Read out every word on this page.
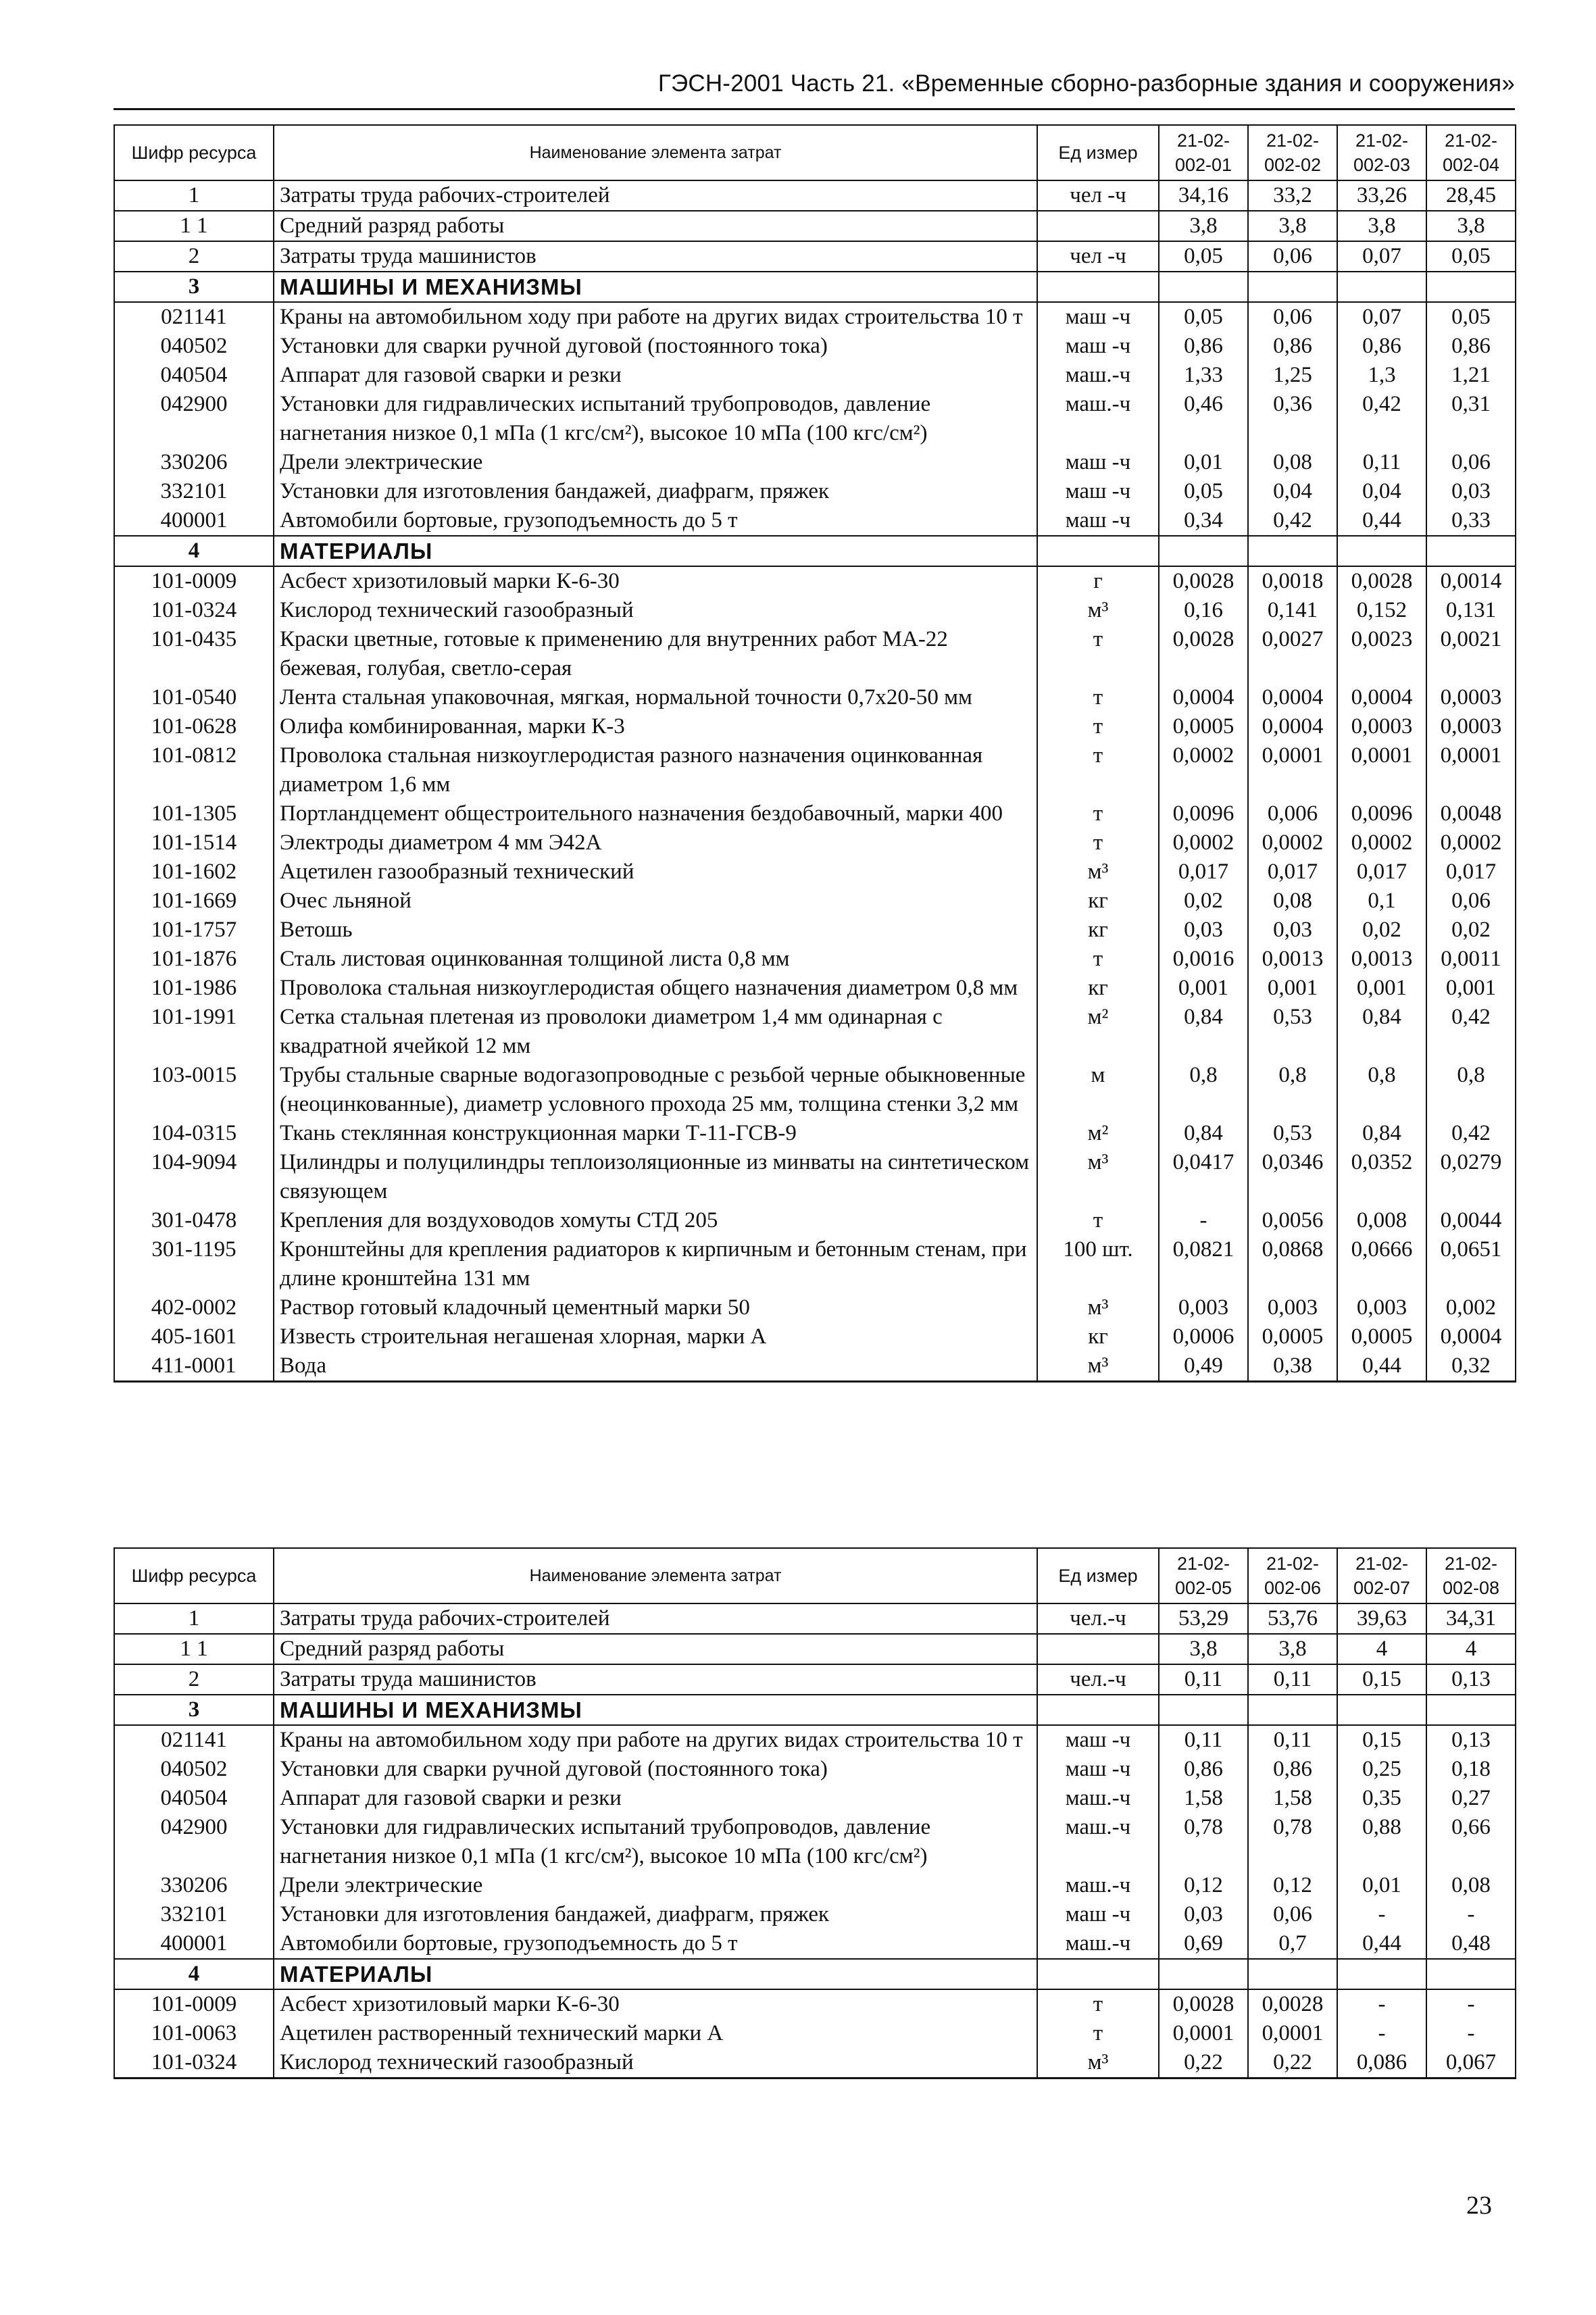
ГЭСН-2001 Часть 21. «Временные сборно-разборные здания и сооружения»
Шифр ресурса	Наименование элемента затрат	Ед измер	21-02-002-01	21-02-002-02	21-02-002-03	21-02-002-04
1	Затраты труда рабочих-строителей	чел -ч	34,16	33,2	33,26	28,45
1 1	Средний разряд работы		3,8	3,8	3,8	3,8
2	Затраты труда машинистов	чел -ч	0,05	0,06	0,07	0,05
3	МАШИНЫ И МЕХАНИЗМЫ					
021141	Краны на автомобильном ходу при работе на других видах строительства 10 т	маш -ч	0,05	0,06	0,07	0,05
040502	Установки для сварки ручной дуговой (постоянного тока)	маш -ч	0,86	0,86	0,86	0,86
040504	Аппарат для газовой сварки и резки	маш.-ч	1,33	1,25	1,3	1,21
042900	Установки для гидравлических испытаний трубопроводов, давление нагнетания низкое 0,1 мПа (1 кгс/см²), высокое 10 мПа (100 кгс/см²)	маш.-ч	0,46	0,36	0,42	0,31
330206	Дрели электрические	маш -ч	0,01	0,08	0,11	0,06
332101	Установки для изготовления бандажей, диафрагм, пряжек	маш -ч	0,05	0,04	0,04	0,03
400001	Автомобили бортовые, грузоподъемность до 5 т	маш -ч	0,34	0,42	0,44	0,33
4	МАТЕРИАЛЫ					
101-0009	Асбест хризотиловый марки К-6-30	г	0,0028	0,0018	0,0028	0,0014
101-0324	Кислород технический газообразный	м³	0,16	0,141	0,152	0,131
101-0435	Краски цветные, готовые к применению для внутренних работ МА-22 бежевая, голубая, светло-серая	т	0,0028	0,0027	0,0023	0,0021
101-0540	Лента стальная упаковочная, мягкая, нормальной точности 0,7х20-50 мм	т	0,0004	0,0004	0,0004	0,0003
101-0628	Олифа комбинированная, марки К-3	т	0,0005	0,0004	0,0003	0,0003
101-0812	Проволока стальная низкоуглеродистая разного назначения оцинкованная диаметром 1,6 мм	т	0,0002	0,0001	0,0001	0,0001
101-1305	Портландцемент общестроительного назначения бездобавочный, марки 400	т	0,0096	0,006	0,0096	0,0048
101-1514	Электроды диаметром 4 мм Э42А	т	0,0002	0,0002	0,0002	0,0002
101-1602	Ацетилен газообразный технический	м³	0,017	0,017	0,017	0,017
101-1669	Очес льняной	кг	0,02	0,08	0,1	0,06
101-1757	Ветошь	кг	0,03	0,03	0,02	0,02
101-1876	Сталь листовая оцинкованная толщиной листа 0,8 мм	т	0,0016	0,0013	0,0013	0,0011
101-1986	Проволока стальная низкоуглеродистая общего назначения диаметром 0,8 мм	кг	0,001	0,001	0,001	0,001
101-1991	Сетка стальная плетеная из проволоки диаметром 1,4 мм одинарная с квадратной ячейкой 12 мм	м²	0,84	0,53	0,84	0,42
103-0015	Трубы стальные сварные водогазопроводные с резьбой черные обыкновенные (неоцинкованные), диаметр условного прохода 25 мм, толщина стенки 3,2 мм	м	0,8	0,8	0,8	0,8
104-0315	Ткань стеклянная конструкционная марки Т-11-ГСВ-9	м²	0,84	0,53	0,84	0,42
104-9094	Цилиндры и полуцилиндры теплоизоляционные из минваты на синтетическом связующем	м³	0,0417	0,0346	0,0352	0,0279
301-0478	Крепления для воздуховодов хомуты СТД 205	т	-	0,0056	0,008	0,0044
301-1195	Кронштейны для крепления радиаторов к кирпичным и бетонным стенам, при длине кронштейна 131 мм	100 шт.	0,0821	0,0868	0,0666	0,0651
402-0002	Раствор готовый кладочный цементный марки 50	м³	0,003	0,003	0,003	0,002
405-1601	Известь строительная негашеная хлорная, марки А	кг	0,0006	0,0005	0,0005	0,0004
411-0001	Вода	м³	0,49	0,38	0,44	0,32
Шифр ресурса	Наименование элемента затрат	Ед измер	21-02-002-05	21-02-002-06	21-02-002-07	21-02-002-08
1	Затраты труда рабочих-строителей	чел.-ч	53,29	53,76	39,63	34,31
1 1	Средний разряд работы		3,8	3,8	4	4
2	Затраты труда машинистов	чел.-ч	0,11	0,11	0,15	0,13
3	МАШИНЫ И МЕХАНИЗМЫ					
021141	Краны на автомобильном ходу при работе на других видах строительства 10 т	маш -ч	0,11	0,11	0,15	0,13
040502	Установки для сварки ручной дуговой (постоянного тока)	маш -ч	0,86	0,86	0,25	0,18
040504	Аппарат для газовой сварки и резки	маш.-ч	1,58	1,58	0,35	0,27
042900	Установки для гидравлических испытаний трубопроводов, давление нагнетания низкое 0,1 мПа (1 кгс/см²), высокое 10 мПа (100 кгс/см²)	маш.-ч	0,78	0,78	0,88	0,66
330206	Дрели электрические	маш.-ч	0,12	0,12	0,01	0,08
332101	Установки для изготовления бандажей, диафрагм, пряжек	маш -ч	0,03	0,06	-	-
400001	Автомобили бортовые, грузоподъемность до 5 т	маш.-ч	0,69	0,7	0,44	0,48
4	МАТЕРИАЛЫ					
101-0009	Асбест хризотиловый марки К-6-30	т	0,0028	0,0028	-	-
101-0063	Ацетилен растворенный технический марки А	т	0,0001	0,0001	-	-
101-0324	Кислород технический газообразный	м³	0,22	0,22	0,086	0,067
23
